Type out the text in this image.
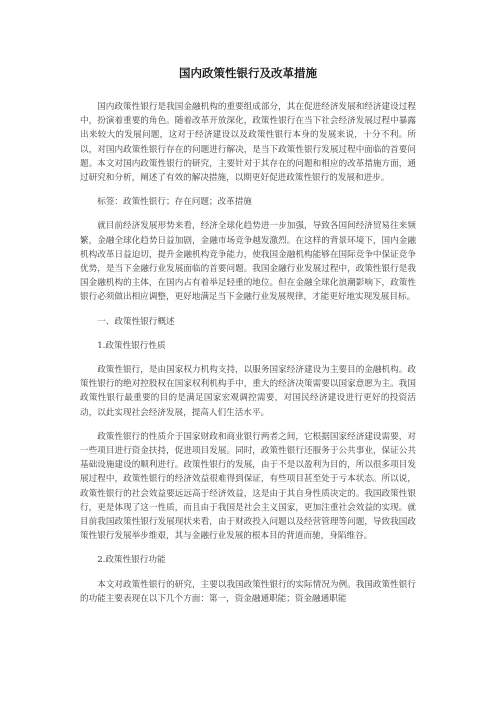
国内政策性银行及改革措施

国内政策性银行是我国金融机构的重要组成部分，其在促进经济发展和经济建设过程中，扮演着重要的角色。随着改革开放深化，政策性银行在当下社会经济发展过程中暴露出来较大的发展问题，这对于经济建设以及政策性银行本身的发展来说，十分不利。所以，对国内政策性银行存在的问题进行解决，是当下政策性银行发展过程中面临的首要问题。本文对国内政策性银行的研究，主要针对于其存在的问题和相应的改革措施方面，通过研究和分析，阐述了有效的解决措施，以期更好促进政策性银行的发展和进步。

标签：政策性银行；存在问题；改革措施

就目前经济发展形势来看，经济全球化趋势进一步加强，导致各国间经济贸易往来频繁，金融全球化趋势日益加剧，金融市场竞争越发激烈。在这样的背景环境下，国内金融机构改革日益迫切，提升金融机构竞争能力，使我国金融机构能够在国际竞争中保证竞争优势，是当下金融行业发展面临的首要问题。我国金融行业发展过程中，政策性银行是我国金融机构的主体，在国内占有着举足轻重的地位。但在金融全球化浪潮影响下，政策性银行必须做出相应调整，更好地满足当下金融行业发展规律，才能更好地实现发展目标。

一、政策性银行概述

1.政策性银行性质

政策性银行，是由国家权力机构支持，以服务国家经济建设为主要目的金融机构。政策性银行的绝对控股权在国家权利机构手中，重大的经济决策需要以国家意愿为主。我国政策性银行最重要的目的是满足国家宏观调控需要，对国民经济建设进行更好的投资活动，以此实现社会经济发展，提高人们生活水平。

政策性银行的性质介于国家财政和商业银行两者之间，它根据国家经济建设需要，对一些项目进行资金扶持，促进项目发展。同时，政策性银行还服务于公共事业，保证公共基础设施建设的顺利进行。政策性银行的发展，由于不是以盈利为目的，所以很多项目发展过程中，政策性银行的经济效益很难得到保证，有些项目甚至处于亏本状态。所以说，政策性银行的社会效益要远远高于经济效益，这是由于其自身性质决定的。我国政策性银行，更是体现了这一性质，而且由于我国是社会主义国家，更加注重社会效益的实现。就目前我国政策性银行发展现状来看，由于财政投入问题以及经营管理等问题，导致我国政策性银行发展举步维艰，其与金融行业发展的根本目的背道而驰，身陷维谷。

2.政策性银行功能

本文对政策性银行的研究，主要以我国政策性银行的实际情况为例。我国政策性银行的功能主要表现在以下几个方面：第一，资金融通职能；资金融通职能
